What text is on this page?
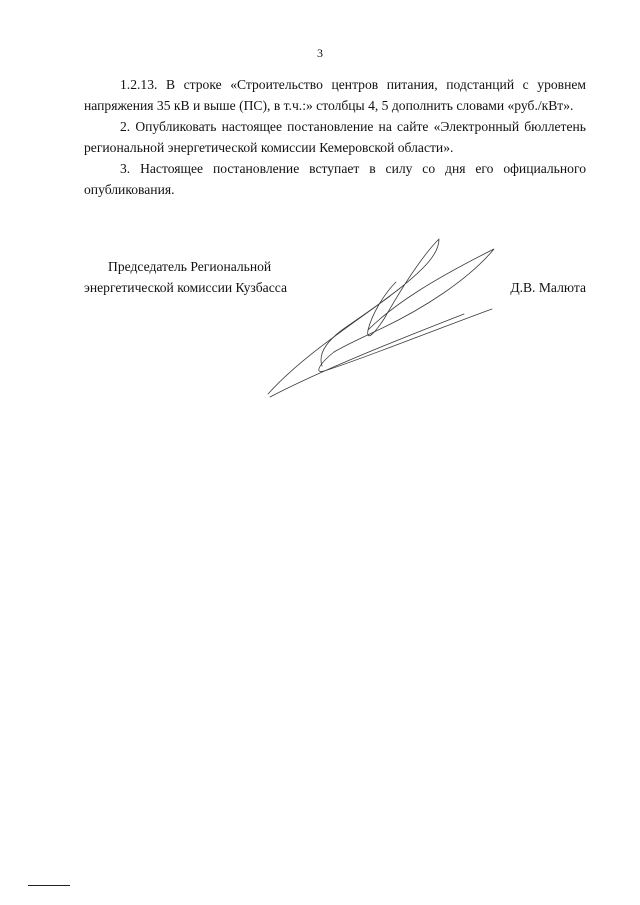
3

1.2.13. В строке «Строительство центров питания, подстанций с уровнем напряжения 35 кВ и выше (ПС), в т.ч.:» столбцы 4, 5 дополнить словами «руб./кВт».

2. Опубликовать настоящее постановление на сайте «Электронный бюллетень региональной энергетической комиссии Кемеровской области».

3. Настоящее постановление вступает в силу со дня его официального опубликования.

Председатель Региональной
энергетической комиссии Кузбасса	Д.В. Малюта
